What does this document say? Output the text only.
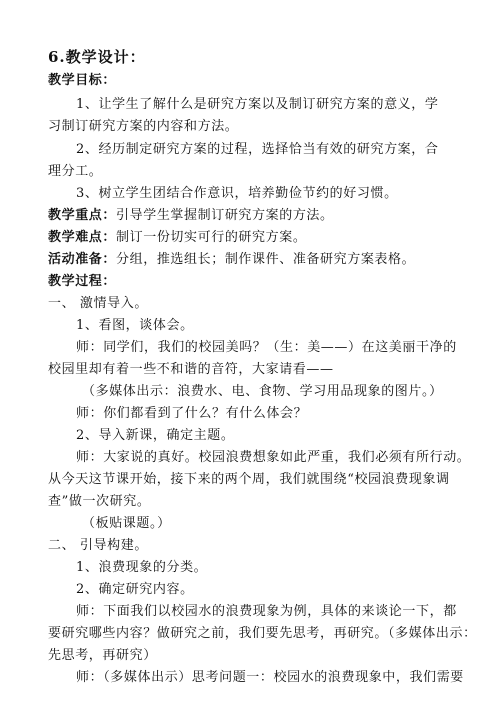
6.教学设计：
教学目标：
1、让学生了解什么是研究方案以及制订研究方案的意义，学
习制订研究方案的内容和方法。
2、经历制定研究方案的过程，选择恰当有效的研究方案，合
理分工。
3、树立学生团结合作意识，培养勤俭节约的好习惯。
教学重点：引导学生掌握制订研究方案的方法。
教学难点：制订一份切实可行的研究方案。
活动准备：分组，推选组长；制作课件、准备研究方案表格。
教学过程：
一、 激情导入。
1、看图，谈体会。
师：同学们，我们的校园美吗？（生：美——）在这美丽干净的
校园里却有着一些不和谐的音符，大家请看——
（多媒体出示：浪费水、电、食物、学习用品现象的图片。）
师：你们都看到了什么？有什么体会？
2、导入新课，确定主题。
师：大家说的真好。校园浪费想象如此严重，我们必须有所行动。
从今天这节课开始，接下来的两个周，我们就围绕“校园浪费现象调
查”做一次研究。
（板贴课题。）
二、 引导构建。
1、浪费现象的分类。
2、确定研究内容。
师：下面我们以校园水的浪费现象为例，具体的来谈论一下，都
要研究哪些内容？做研究之前，我们要先思考，再研究。（多媒体出示：
先思考，再研究）
师：（多媒体出示）思考问题一：校园水的浪费现象中，我们需要
